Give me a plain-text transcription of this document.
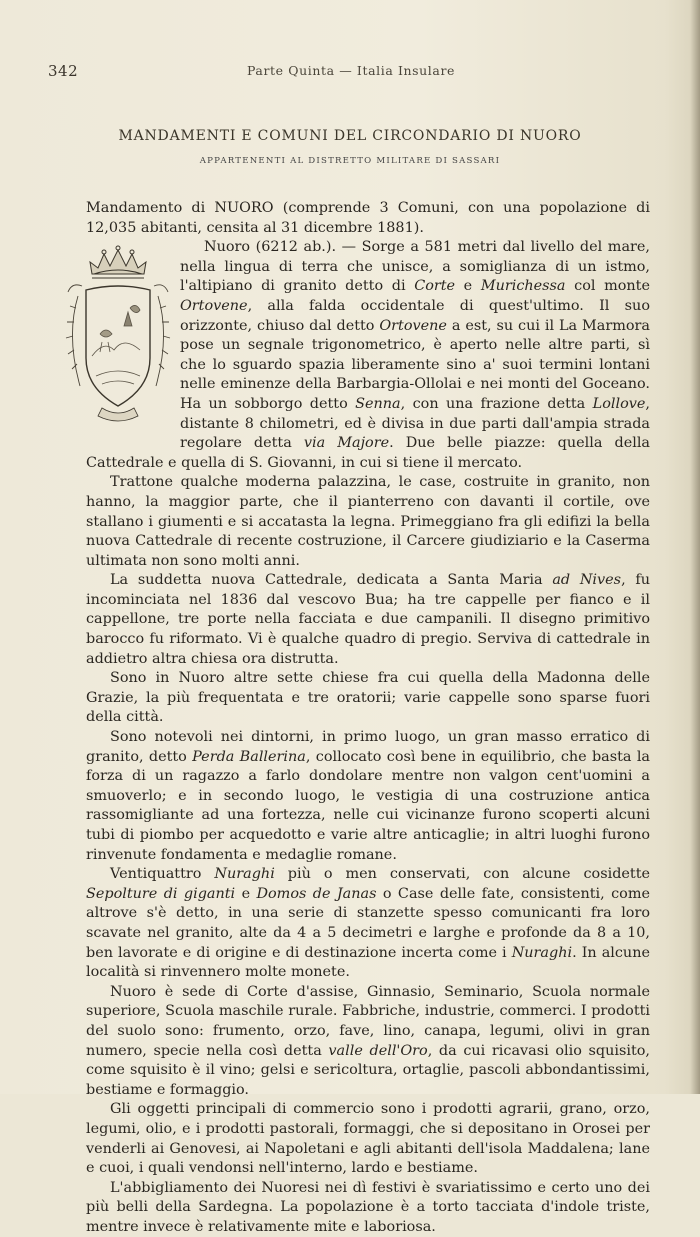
342	Parte Quinta — Italia Insulare
MANDAMENTI E COMUNI DEL CIRCONDARIO DI NUORO
APPARTENENTI AL DISTRETTO MILITARE DI SASSARI

Mandamento di NUORO (comprende 3 Comuni, con una popolazione di 12,035 abitanti, censita al 31 dicembre 1881).

Nuoro (6212 ab.). — Sorge a 581 metri dal livello del mare, nella lingua di terra che unisce, a somiglianza di un istmo, l'altipiano di granito detto di Corte e Murichessa col monte Ortovene, alla falda occidentale di quest'ultimo. Il suo orizzonte, chiuso dal detto Ortovene a est, su cui il La Marmora pose un segnale trigonometrico, è aperto nelle altre parti, sì che lo sguardo spazia liberamente sino a' suoi termini lontani nelle eminenze della Barbargia-Ollolai e nei monti del Goceano. Ha un sobborgo detto Senna, con una frazione detta Lollove, distante 8 chilometri, ed è divisa in due parti dall'ampia strada regolare detta via Majore. Due belle piazze: quella della Cattedrale e quella di S. Giovanni, in cui si tiene il mercato.

Trattone qualche moderna palazzina, le case, costruite in granito, non hanno, la maggior parte, che il pianterreno con davanti il cortile, ove stallano i giumenti e si accatasta la legna. Primeggiano fra gli edifizi la bella nuova Cattedrale di recente costruzione, il Carcere giudiziario e la Caserma ultimata non sono molti anni.

La suddetta nuova Cattedrale, dedicata a Santa Maria ad Nives, fu incominciata nel 1836 dal vescovo Bua; ha tre cappelle per fianco e il cappellone, tre porte nella facciata e due campanili. Il disegno primitivo barocco fu riformato. Vi è qualche quadro di pregio. Serviva di cattedrale in addietro altra chiesa ora distrutta.

Sono in Nuoro altre sette chiese fra cui quella della Madonna delle Grazie, la più frequentata e tre oratorii; varie cappelle sono sparse fuori della città.

Sono notevoli nei dintorni, in primo luogo, un gran masso erratico di granito, detto Perda Ballerina, collocato così bene in equilibrio, che basta la forza di un ragazzo a farlo dondolare mentre non valgon cent'uomini a smuoverlo; e in secondo luogo, le vestigia di una costruzione antica rassomigliante ad una fortezza, nelle cui vicinanze furono scoperti alcuni tubi di piombo per acquedotto e varie altre anticaglie; in altri luoghi furono rinvenute fondamenta e medaglie romane.

Ventiquattro Nuraghi più o men conservati, con alcune cosidette Sepolture di giganti e Domos de Janas o Case delle fate, consistenti, come altrove s'è detto, in una serie di stanzette spesso comunicanti fra loro scavate nel granito, alte da 4 a 5 decimetri e larghe e profonde da 8 a 10, ben lavorate e di origine e di destinazione incerta come i Nuraghi. In alcune località si rinvennero molte monete.

Nuoro è sede di Corte d'assise, Ginnasio, Seminario, Scuola normale superiore, Scuola maschile rurale. Fabbriche, industrie, commerci. I prodotti del suolo sono: frumento, orzo, fave, lino, canapa, legumi, olivi in gran numero, specie nella così detta valle dell'Oro, da cui ricavasi olio squisito, come squisito è il vino; gelsi e sericoltura, ortaglie, pascoli abbondantissimi, bestiame e formaggio.

Gli oggetti principali di commercio sono i prodotti agrarii, grano, orzo, legumi, olio, e i prodotti pastorali, formaggi, che si depositano in Orosei per venderli ai Genovesi, ai Napoletani e agli abitanti dell'isola Maddalena; lane e cuoi, i quali vendonsi nell'interno, lardo e bestiame.

L'abbigliamento dei Nuoresi nei dì festivi è svariatissimo e certo uno dei più belli della Sardegna. La popolazione è a torto tacciata d'indole triste, mentre invece è relativamente mite e laboriosa.
